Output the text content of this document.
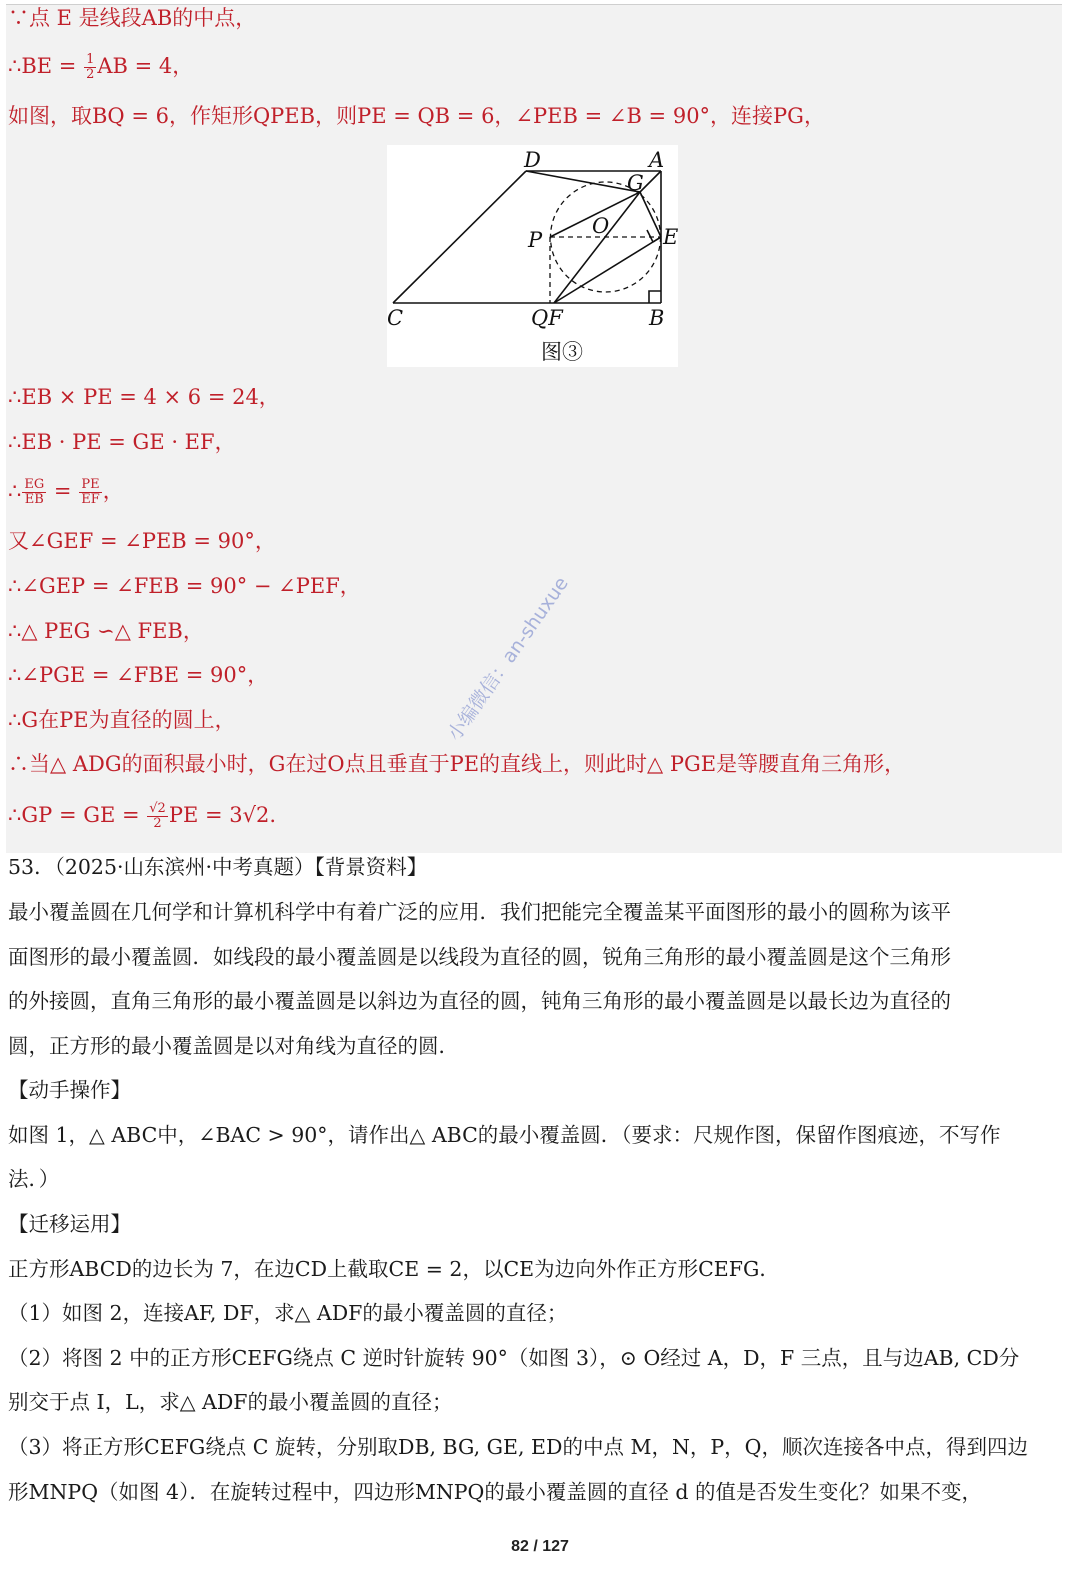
∵点 E 是线段AB的中点，
∴BE = $\frac{1}{2}$ AB = 4，
如图，取BQ = 6，作矩形QPEB，则PE = QB = 6，∠PEB = ∠B = 90°，连接PG，
D	A
G
O
P	E
C	QF	B
图③
∴EB × PE = 4 × 6 = 24，
∴EB · PE = GE · EF，
∴ $\frac{EG}{EB} = \frac{PE}{EF}$ ，
又∠GEF = ∠PEB = 90°，
∴∠GEP = ∠FEB = 90° − ∠PEF，
∴△ PEG ∽△ FEB，
∴∠PGE = ∠FBE = 90°，
∴G在PE为直径的圆上，
∴当△ ADG的面积最小时，G在过O点且垂直于PE的直线上，则此时△ PGE是等腰直角三角形，
∴GP = GE = $\frac{√2}{2}$ PE = 3√2.
小编微信：an-shuxue
53．（2025·山东滨州·中考真题）【背景资料】
最小覆盖圆在几何学和计算机科学中有着广泛的应用．我们把能完全覆盖某平面图形的最小的圆称为该平
面图形的最小覆盖圆．如线段的最小覆盖圆是以线段为直径的圆，锐角三角形的最小覆盖圆是这个三角形
的外接圆，直角三角形的最小覆盖圆是以斜边为直径的圆，钝角三角形的最小覆盖圆是以最长边为直径的
圆，正方形的最小覆盖圆是以对角线为直径的圆．
【动手操作】
如图 1，△ ABC中，∠BAC > 90°，请作出△ ABC的最小覆盖圆．（要求：尺规作图，保留作图痕迹，不写作
法．）
【迁移运用】
正方形ABCD的边长为 7，在边CD上截取CE = 2，以CE为边向外作正方形CEFG．
（1）如图 2，连接AF, DF，求△ ADF的最小覆盖圆的直径；
（2）将图 2 中的正方形CEFG绕点 C 逆时针旋转 90°（如图 3），⊙ O经过 A，D，F 三点，且与边AB, CD分
别交于点 I，L，求△ ADF的最小覆盖圆的直径；
（3）将正方形CEFG绕点 C 旋转，分别取DB, BG, GE, ED的中点 M，N，P，Q，顺次连接各中点，得到四边
形MNPQ（如图 4）．在旋转过程中，四边形MNPQ的最小覆盖圆的直径 d 的值是否发生变化？如果不变，
82 / 127
